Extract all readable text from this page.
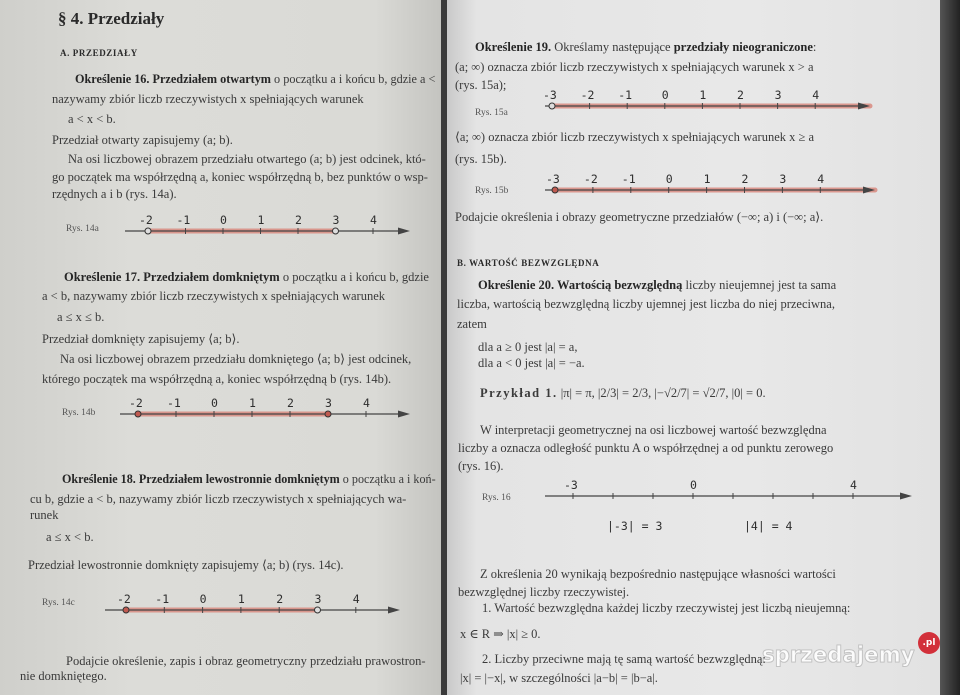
-2 -1	0	1	2	3	4
-2 -1	0	1	2	3	4
-2 -1	0	1	2	3	4
-3 -2 -1	0	1	2	3	4
-3 -2 -1	0	1	2	3	4
-3	0	4
|-3| = 3	|4| = 4
sprzedajemy .pl
§ 4. Przedziały
A. PRZEDZIAŁY
Określenie 16. Przedziałem otwartym o początku a i końcu b, gdzie a <
nazywamy zbiór liczb rzeczywistych x spełniających warunek
a < x < b.
Przedział otwarty zapisujemy (a; b).
Na osi liczbowej obrazem przedziału otwartego (a; b) jest odcinek, któ-
go początek ma współrzędną a, koniec współrzędną b, bez punktów o wsp-
rzędnych a i b (rys. 14a).
Określenie 17. Przedziałem domkniętym o początku a i końcu b, gdzie
a < b, nazywamy zbiór liczb rzeczywistych x spełniających warunek
a ≤ x ≤ b.
Przedział domknięty zapisujemy ⟨a; b⟩.
Na osi liczbowej obrazem przedziału domkniętego ⟨a; b⟩ jest odcinek,
którego początek ma współrzędną a, koniec współrzędną b (rys. 14b).
Określenie 18. Przedziałem lewostronnie domkniętym o początku a i koń-
cu b, gdzie a < b, nazywamy zbiór liczb rzeczywistych x spełniających wa-
runek
a ≤ x < b.
Przedział lewostronnie domknięty zapisujemy ⟨a; b) (rys. 14c).
Podajcie określenie, zapis i obraz geometryczny przedziału prawostron-
nie domkniętego.
Określenie 19. Określamy następujące przedziały nieograniczone:
(a; ∞) oznacza zbiór liczb rzeczywistych x spełniających warunek x > a
(rys. 15a);
⟨a; ∞) oznacza zbiór liczb rzeczywistych x spełniających warunek x ≥ a
(rys. 15b).
Podajcie określenia i obrazy geometryczne przedziałów (−∞; a) i (−∞; a⟩.
B. WARTOŚĆ BEZWZGLĘDNA
Określenie 20. Wartością bezwzględną liczby nieujemnej jest ta sama
liczba, wartością bezwzględną liczby ujemnej jest liczba do niej przeciwna,
zatem
dla a ≥ 0 jest |a| = a,
dla a < 0 jest |a| = −a.
Przykład 1. |π| = π, |2/3| = 2/3, |−√2/7| = √2/7, |0| = 0.
W interpretacji geometrycznej na osi liczbowej wartość bezwzględna
liczby a oznacza odległość punktu A o współrzędnej a od punktu zerowego
(rys. 16).
Z określenia 20 wynikają bezpośrednio następujące własności wartości
bezwzględnej liczby rzeczywistej.
1. Wartość bezwzględna każdej liczby rzeczywistej jest liczbą nieujemną:
x ∈ R ⇒ |x| ≥ 0.
2. Liczby przeciwne mają tę samą wartość bezwzględną:
|x| = |−x|, w szczególności |a−b| = |b−a|.
Rys. 14a
Rys. 14b
Rys. 14c
Rys. 15a
Rys. 15b
Rys. 16
